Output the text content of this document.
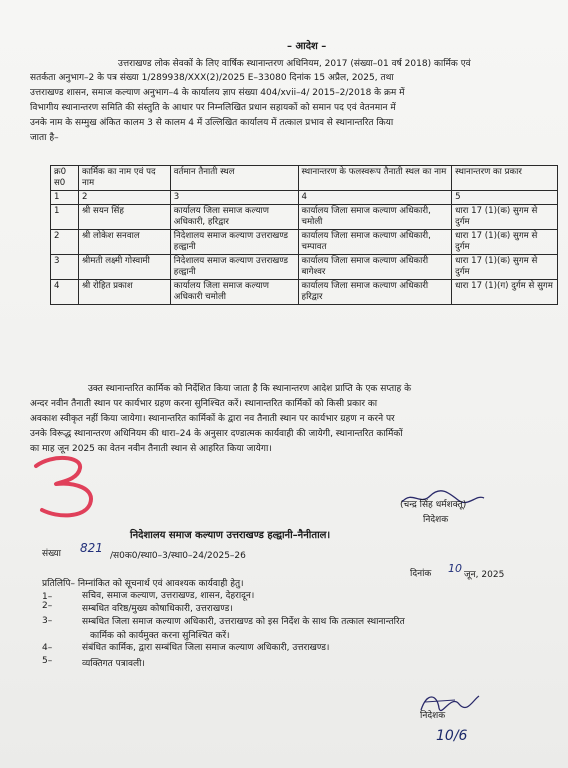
– आदेश –
उत्तराखण्ड लोक सेवकों के लिए वार्षिक स्थानान्तरण अधिनियम, 2017 (संख्या–01 वर्ष 2018) कार्मिक एवं
सतर्कता अनुभाग–2 के पत्र संख्या 1/289938/XXX(2)/2025 E–33080 दिनांक 15 अप्रैल, 2025, तथा
उत्तराखण्ड शासन, समाज कल्याण अनुभाग–4 के कार्यालय ज्ञाप संख्या 404/xvii–4/ 2015–2/2018 के क्रम में
विभागीय स्थानान्तरण समिति की संस्तुति के आधार पर निम्नलिखित प्रधान सहायकों को समान पद एवं वेतनमान में
उनके नाम के सम्मुख अंकित कालम 3 से कालम 4 में उल्लिखित कार्यालय में तत्काल प्रभाव से स्थानान्तरित किया
जाता है–
क्र0 स0	कार्मिक का नाम एवं पद नाम	वर्तमान तैनाती स्थल	स्थानान्तरण के फलस्वरूप तैनाती स्थल का नाम	स्थानान्तरण का प्रकार
1	2	3	4	5
1	श्री सयन सिंह	कार्यालय जिला समाज कल्याण अधिकारी, हरिद्वार	कार्यालय जिला समाज कल्याण अधिकारी, चमोली	धारा 17 (1)(क) सुगम से दुर्गम
2	श्री लोकेश सनवाल	निदेशालय समाज कल्याण उत्तराखण्ड हल्द्वानी	कार्यालय जिला समाज कल्याण अधिकारी, चम्पावत	धारा 17 (1)(क) सुगम से दुर्गम
3	श्रीमती लक्ष्मी गोस्वामी	निदेशालय समाज कल्याण उत्तराखण्ड हल्द्वानी	कार्यालय जिला समाज कल्याण अधिकारी बागेश्वर	धारा 17 (1)(क) सुगम से दुर्गम
4	श्री रोहित प्रकाश	कार्यालय जिला समाज कल्याण अधिकारी चमोली	कार्यालय जिला समाज कल्याण अधिकारी हरिद्वार	धारा 17 (1)(ग) दुर्गम से सुगम
उक्त स्थानान्तरित कार्मिक को निर्देशित किया जाता है कि स्थानान्तरण आदेश प्राप्ति के एक सप्ताह के
अन्दर नवीन तैनाती स्थान पर कार्यभार ग्रहण करना सुनिश्चित करें। स्थानान्तरित कार्मिकों को किसी प्रकार का
अवकाश स्वीकृत नहीं किया जायेगा। स्थानान्तरित कार्मिकों के द्वारा नव तैनाती स्थान पर कार्यभार ग्रहण न करने पर
उनके विरूद्ध स्थानान्तरण अधिनियम की धारा–24 के अनुसार दण्डात्मक कार्यवाही की जायेगी, स्थानान्तरित कार्मिकों
का माह जून 2025 का वेतन नवीन तैनाती स्थान से आहरित किया जायेगा।
(चन्द्र सिंह धर्मशक्तू)
निदेशक
निदेशालय समाज कल्याण उत्तराखण्ड हल्द्वानी–नैनीताल।
संख्या 821
/स0क0/स्था0–3/स्था0–24/2025–26
दिनांक 10 जून, 2025
प्रतिलिपि– निम्नांकित को सूचनार्थ एवं आवश्यक कार्यवाही हेतु।
1–	सचिव, समाज कल्याण, उत्तराखण्ड, शासन, देहरादून।
2–	सम्बधित वरिष्ठ/मुख्य कोषाधिकारी, उत्तराखण्ड।
3–	सम्बधित जिला समाज कल्याण अधिकारी, उत्तराखण्ड को इस निर्देश के साथ कि तत्काल स्थानान्तरित
कार्मिक को कार्यमुक्त करना सुनिश्चित करें।
4–	संबंधित कार्मिक, द्वारा सम्बंधित जिला समाज कल्याण अधिकारी, उत्तराखण्ड।
5–	व्यक्तिगत पत्रावली।
निदेशक
10/6
